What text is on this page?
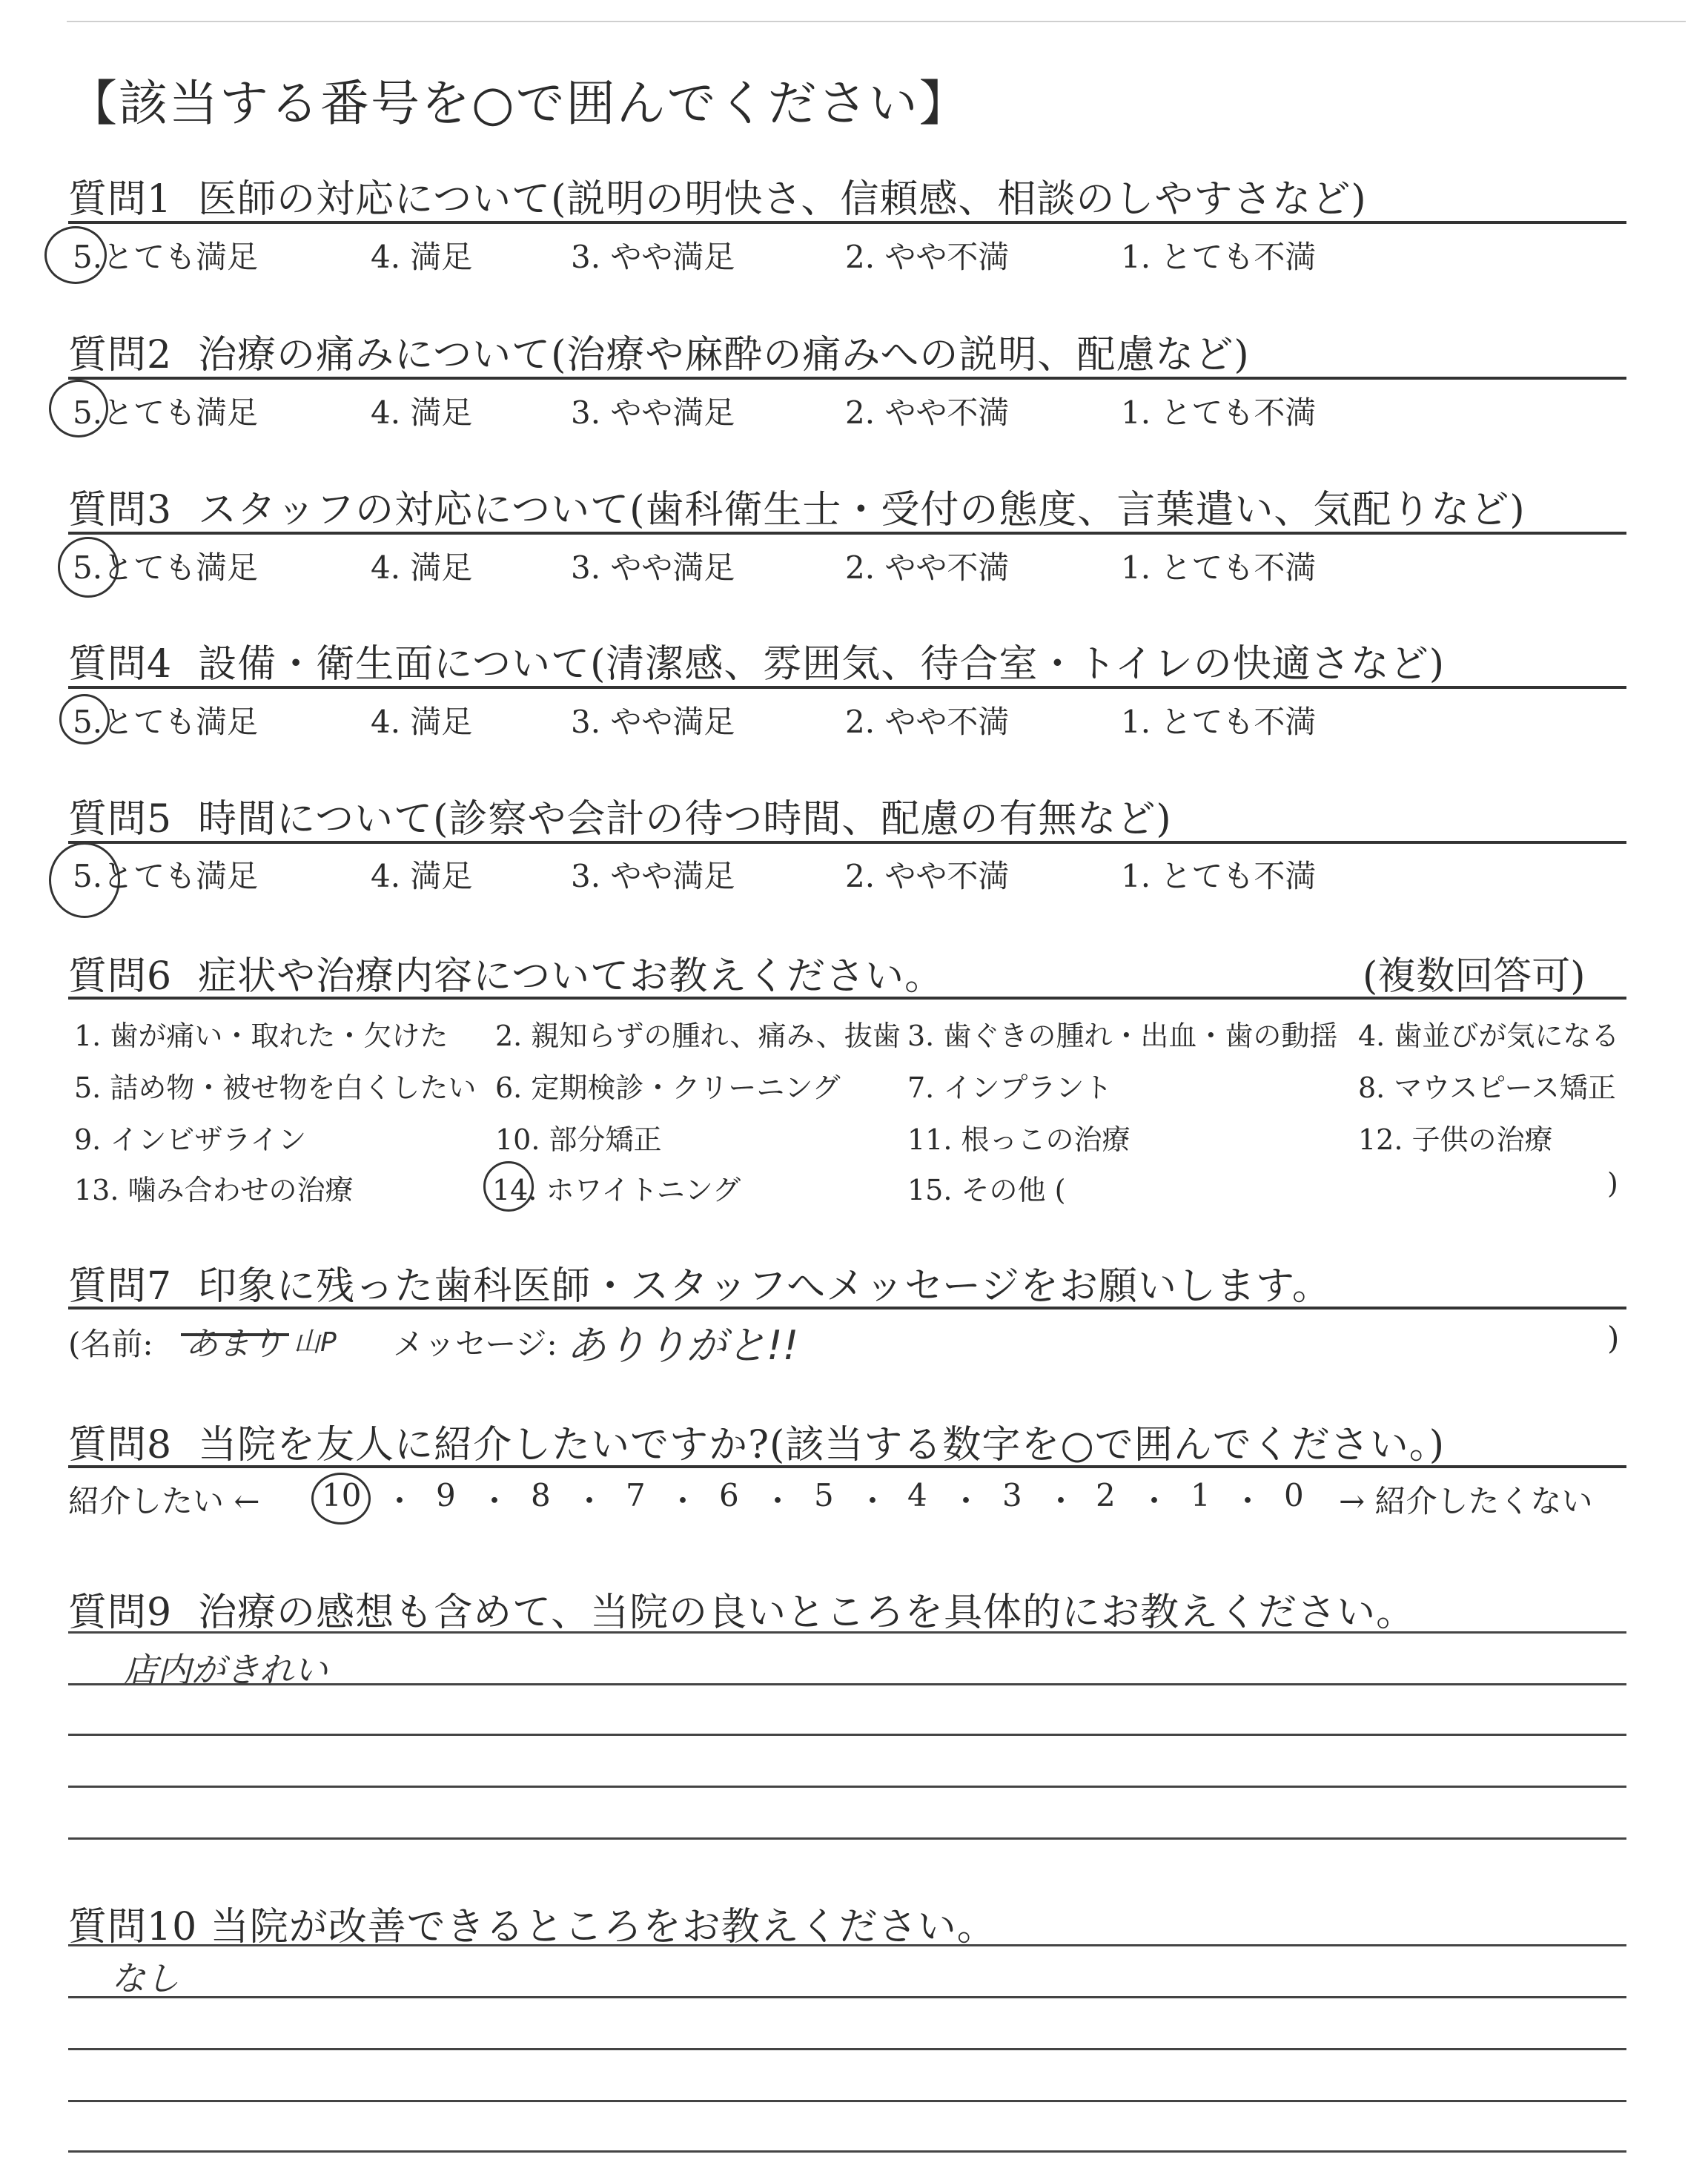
【該当する番号を○で囲んでください】
質問1 医師の対応について(説明の明快さ、信頼感、相談のしやすさなど)
5.とても満足	4. 満足	3. やや満足	2. やや不満	1. とても不満
質問2 治療の痛みについて(治療や麻酔の痛みへの説明、配慮など)
5.とても満足	4. 満足	3. やや満足	2. やや不満	1. とても不満
質問3 スタッフの対応について(歯科衛生士・受付の態度、言葉遣い、気配りなど)
5.とても満足	4. 満足	3. やや満足	2. やや不満	1. とても不満
質問4 設備・衛生面について(清潔感、雰囲気、待合室・トイレの快適さなど)
5.とても満足	4. 満足	3. やや満足	2. やや不満	1. とても不満
質問5 時間について(診察や会計の待つ時間、配慮の有無など)
5.とても満足	4. 満足	3. やや満足	2. やや不満	1. とても不満
質問6 症状や治療内容についてお教えください。	(複数回答可)
1. 歯が痛い・取れた・欠けた 2. 親知らずの腫れ、痛み、抜歯 3. 歯ぐきの腫れ・出血・歯の動揺 4. 歯並びが気になる
5. 詰め物・被せ物を白くしたい 6. 定期検診・クリーニング 7. インプラント	8. マウスピース矯正
9. インビザライン	10. 部分矯正	11. 根っこの治療	12. 子供の治療
13. 噛み合わせの治療	14. ホワイトニング	15. その他 (	)
質問7 印象に残った歯科医師・スタッフへメッセージをお願いします。
(名前: あまり 山P メッセージ: ありりがと!!	)
質問8 当院を友人に紹介したいですか?(該当する数字を○で囲んでください。)
紹介したい ← 10 ・ 9 ・ 8 ・ 7 ・ 6 ・ 5 ・ 4 ・ 3 ・ 2 ・ 1 ・ 0 → 紹介したくない
質問9 治療の感想も含めて、当院の良いところを具体的にお教えください。
店内がきれい
質問10 当院が改善できるところをお教えください。
なし
